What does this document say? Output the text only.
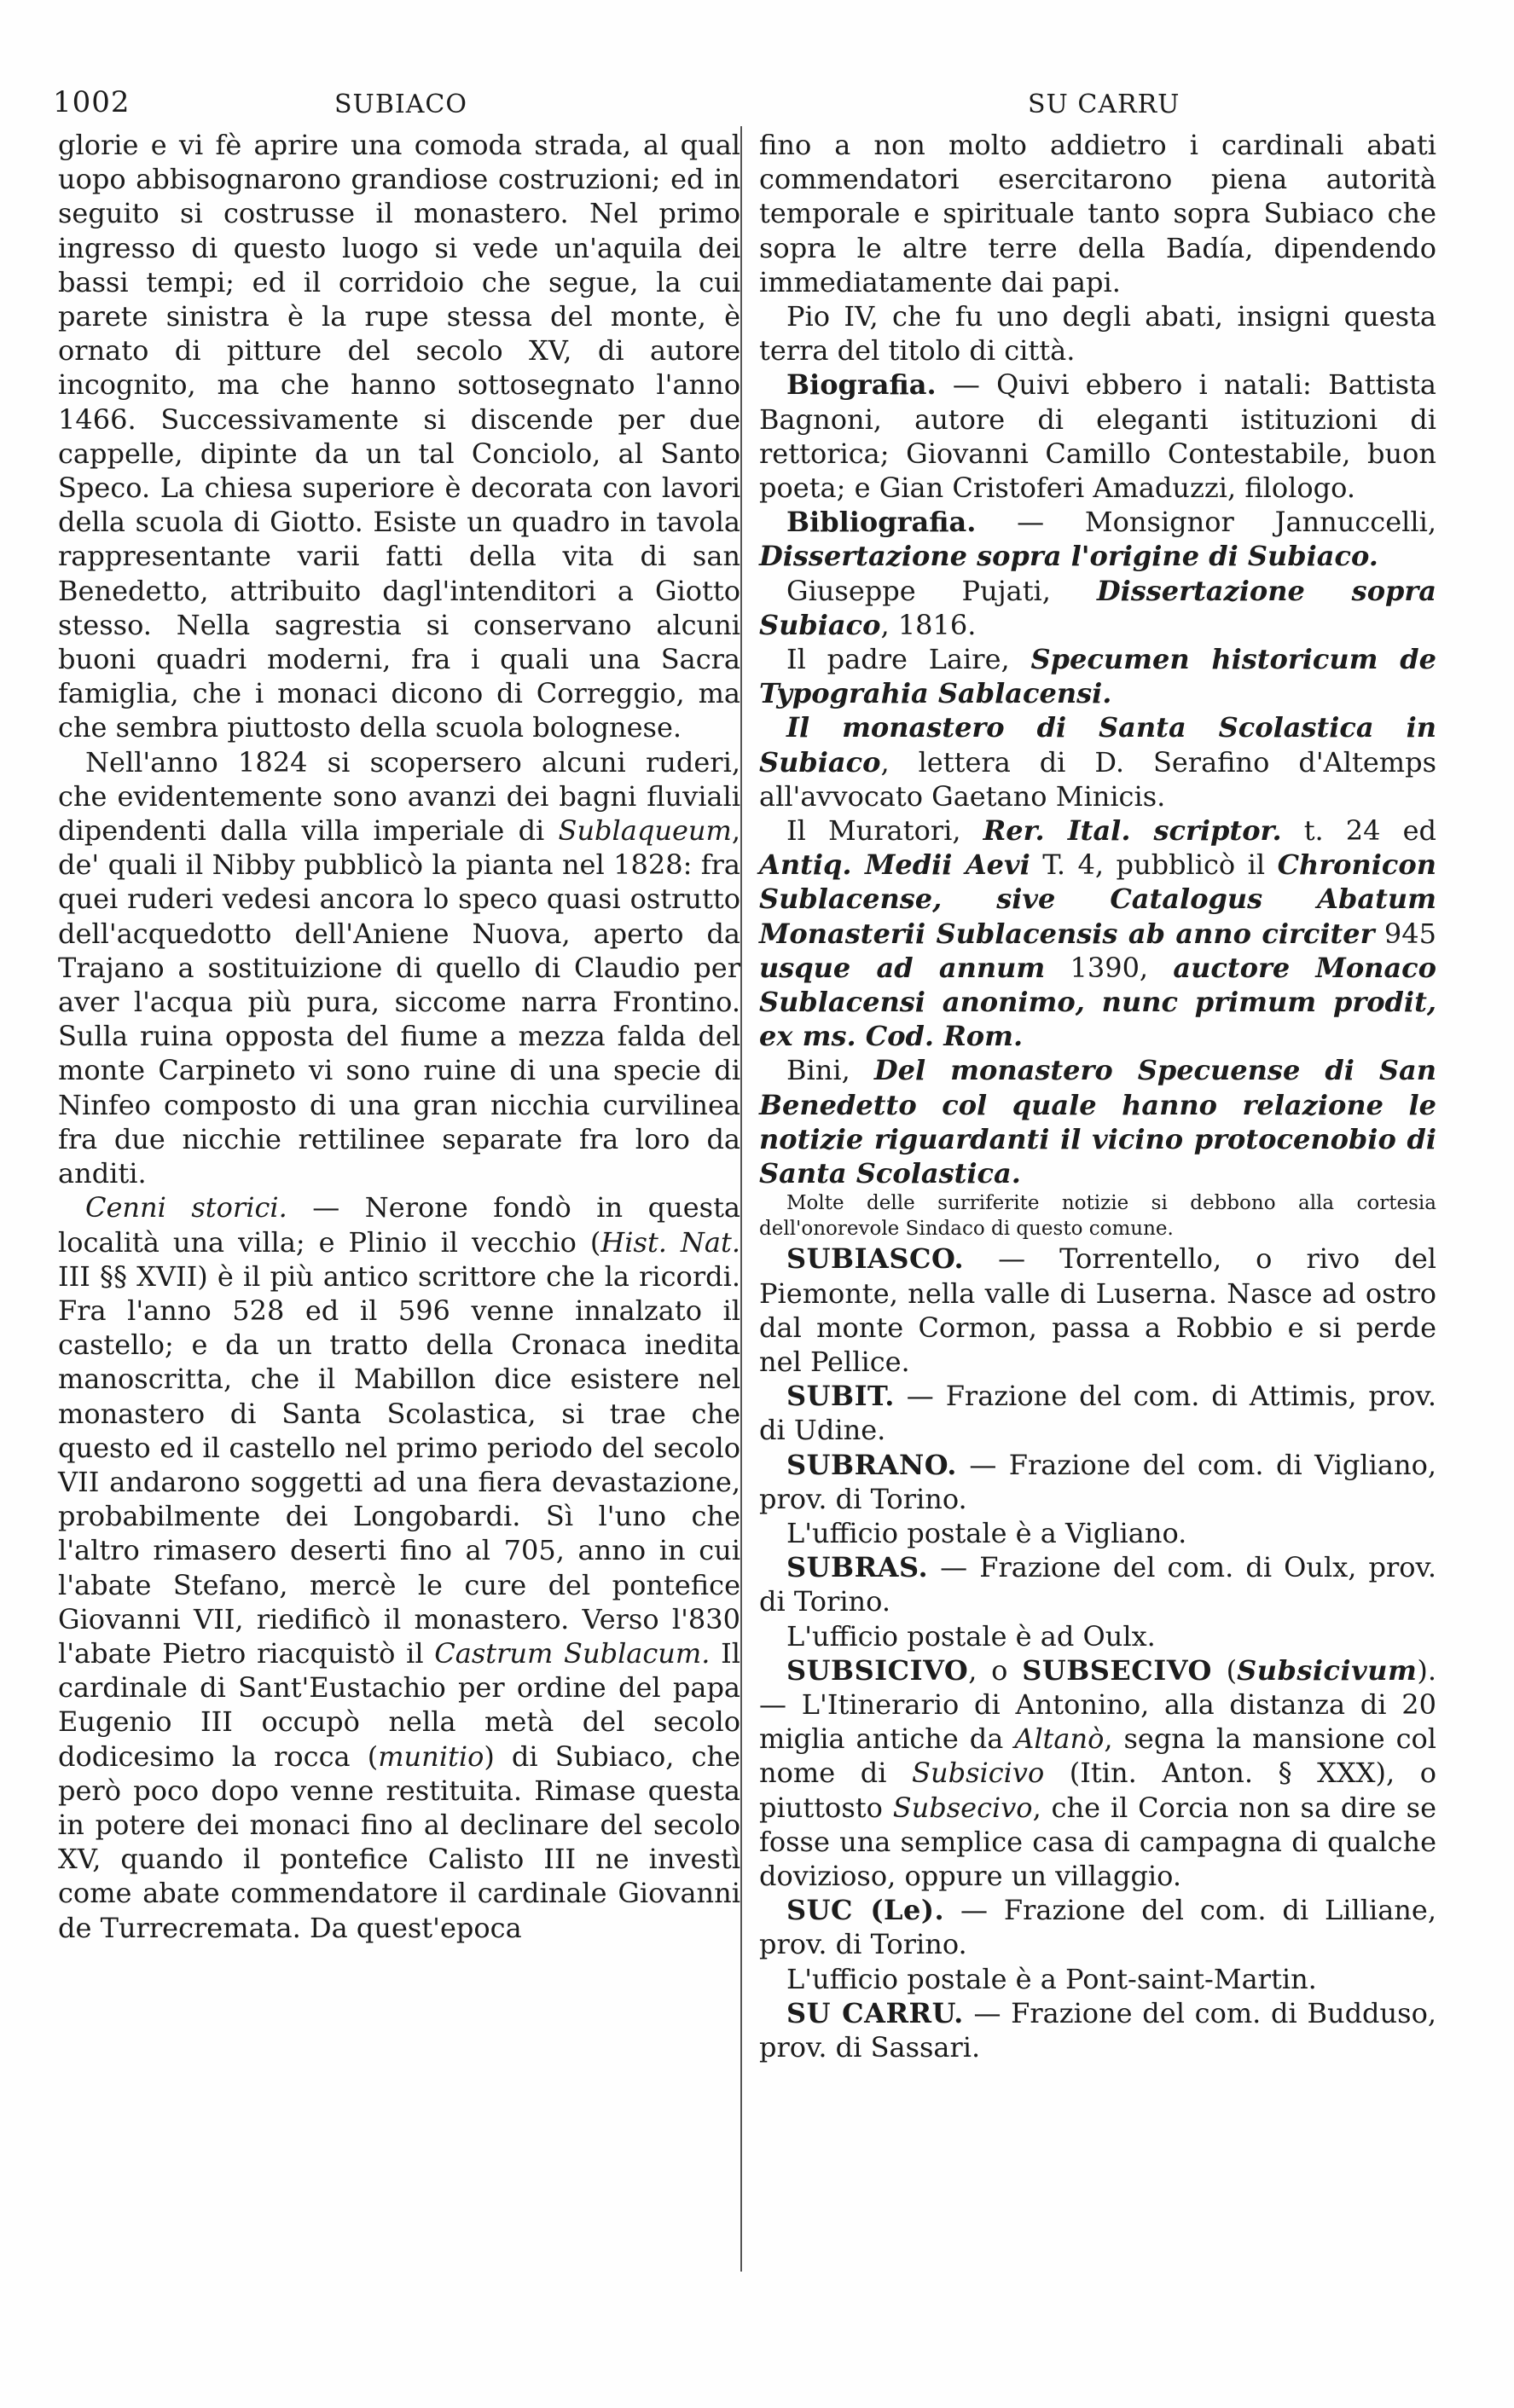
1002	SUBIACO	SU CARRU

glorie e vi fè aprire una comoda strada, al qual uopo abbisognarono grandiose costruzioni; ed in seguito si costrusse il monastero. Nel primo ingresso di questo luogo si vede un'aquila dei bassi tempi; ed il corridoio che segue, la cui parete sinistra è la rupe stessa del monte, è ornato di pitture del secolo XV, di autore incognito, ma che hanno sottosegnato l'anno 1466. Successivamente si discende per due cappelle, dipinte da un tal Conciolo, al Santo Speco. La chiesa superiore è decorata con lavori della scuola di Giotto. Esiste un quadro in tavola rappresentante varii fatti della vita di san Benedetto, attribuito dagl'intenditori a Giotto stesso. Nella sagrestia si conservano alcuni buoni quadri moderni, fra i quali una Sacra famiglia, che i monaci dicono di Correggio, ma che sembra piuttosto della scuola bolognese.

Nell'anno 1824 si scopersero alcuni ruderi, che evidentemente sono avanzi dei bagni fluviali dipendenti dalla villa imperiale di Sublaqueum, de' quali il Nibby pubblicò la pianta nel 1828: fra quei ruderi vedesi ancora lo speco quasi ostrutto dell'acquedotto dell'Aniene Nuova, aperto da Trajano a sostituizione di quello di Claudio per aver l'acqua più pura, siccome narra Frontino. Sulla ruina opposta del fiume a mezza falda del monte Carpineto vi sono ruine di una specie di Ninfeo composto di una gran nicchia curvilinea fra due nicchie rettilinee separate fra loro da anditi.

Cenni storici. — Nerone fondò in questa località una villa; e Plinio il vecchio (Hist. Nat. III §§ XVII) è il più antico scrittore che la ricordi. Fra l'anno 528 ed il 596 venne innalzato il castello; e da un tratto della Cronaca inedita manoscritta, che il Mabillon dice esistere nel monastero di Santa Scolastica, si trae che questo ed il castello nel primo periodo del secolo VII andarono soggetti ad una fiera devastazione, probabilmente dei Longobardi. Sì l'uno che l'altro rimasero deserti fino al 705, anno in cui l'abate Stefano, mercè le cure del pontefice Giovanni VII, riedificò il monastero. Verso l'830 l'abate Pietro riacquistò il Castrum Sublacum. Il cardinale di Sant'Eustachio per ordine del papa Eugenio III occupò nella metà del secolo dodicesimo la rocca (munitio) di Subiaco, che però poco dopo venne restituita. Rimase questa in potere dei monaci fino al declinare del secolo XV, quando il pontefice Calisto III ne investì come abate commendatore il cardinale Giovanni de Turrecremata. Da quest'epoca

fino a non molto addietro i cardinali abati commendatori esercitarono piena autorità temporale e spirituale tanto sopra Subiaco che sopra le altre terre della Badía, dipendendo immediatamente dai papi.

Pio IV, che fu uno degli abati, insigni questa terra del titolo di città.

Biografia. — Quivi ebbero i natali: Battista Bagnoni, autore di eleganti istituzioni di rettorica; Giovanni Camillo Contestabile, buon poeta; e Gian Cristoferi Amaduzzi, filologo.

Bibliografia. — Monsignor Jannuccelli, Dissertazione sopra l'origine di Subiaco.

Giuseppe Pujati, Dissertazione sopra Subiaco, 1816.

Il padre Laire, Specumen historicum de Typograhia Sablacensi.

Il monastero di Santa Scolastica in Subiaco, lettera di D. Serafino d'Altemps all'avvocato Gaetano Minicis.

Il Muratori, Rer. Ital. scriptor. t. 24 ed Antiq. Medii Aevi T. 4, pubblicò il Chronicon Sublacense, sive Catalogus Abatum Monasterii Sublacensis ab anno circiter 945 usque ad annum 1390, auctore Monaco Sublacensi anonimo, nunc primum prodit, ex ms. Cod. Rom.

Bini, Del monastero Specuense di San Benedetto col quale hanno relazione le notizie riguardanti il vicino protocenobio di Santa Scolastica.

Molte delle surriferite notizie si debbono alla cortesia dell'onorevole Sindaco di questo comune.

SUBIASCO. — Torrentello, o rivo del Piemonte, nella valle di Luserna. Nasce ad ostro dal monte Cormon, passa a Robbio e si perde nel Pellice.

SUBIT. — Frazione del com. di Attimis, prov. di Udine.

SUBRANO. — Frazione del com. di Vigliano, prov. di Torino.

L'ufficio postale è a Vigliano.

SUBRAS. — Frazione del com. di Oulx, prov. di Torino.

L'ufficio postale è ad Oulx.

SUBSICIVO, o SUBSECIVO (Subsicivum). — L'Itinerario di Antonino, alla distanza di 20 miglia antiche da Altanò, segna la mansione col nome di Subsicivo (Itin. Anton. § XXX), o piuttosto Subsecivo, che il Corcia non sa dire se fosse una semplice casa di campagna di qualche dovizioso, oppure un villaggio.

SUC (Le). — Frazione del com. di Lilliane, prov. di Torino.

L'ufficio postale è a Pont-saint-Martin.

SU CARRU. — Frazione del com. di Budduso, prov. di Sassari.
